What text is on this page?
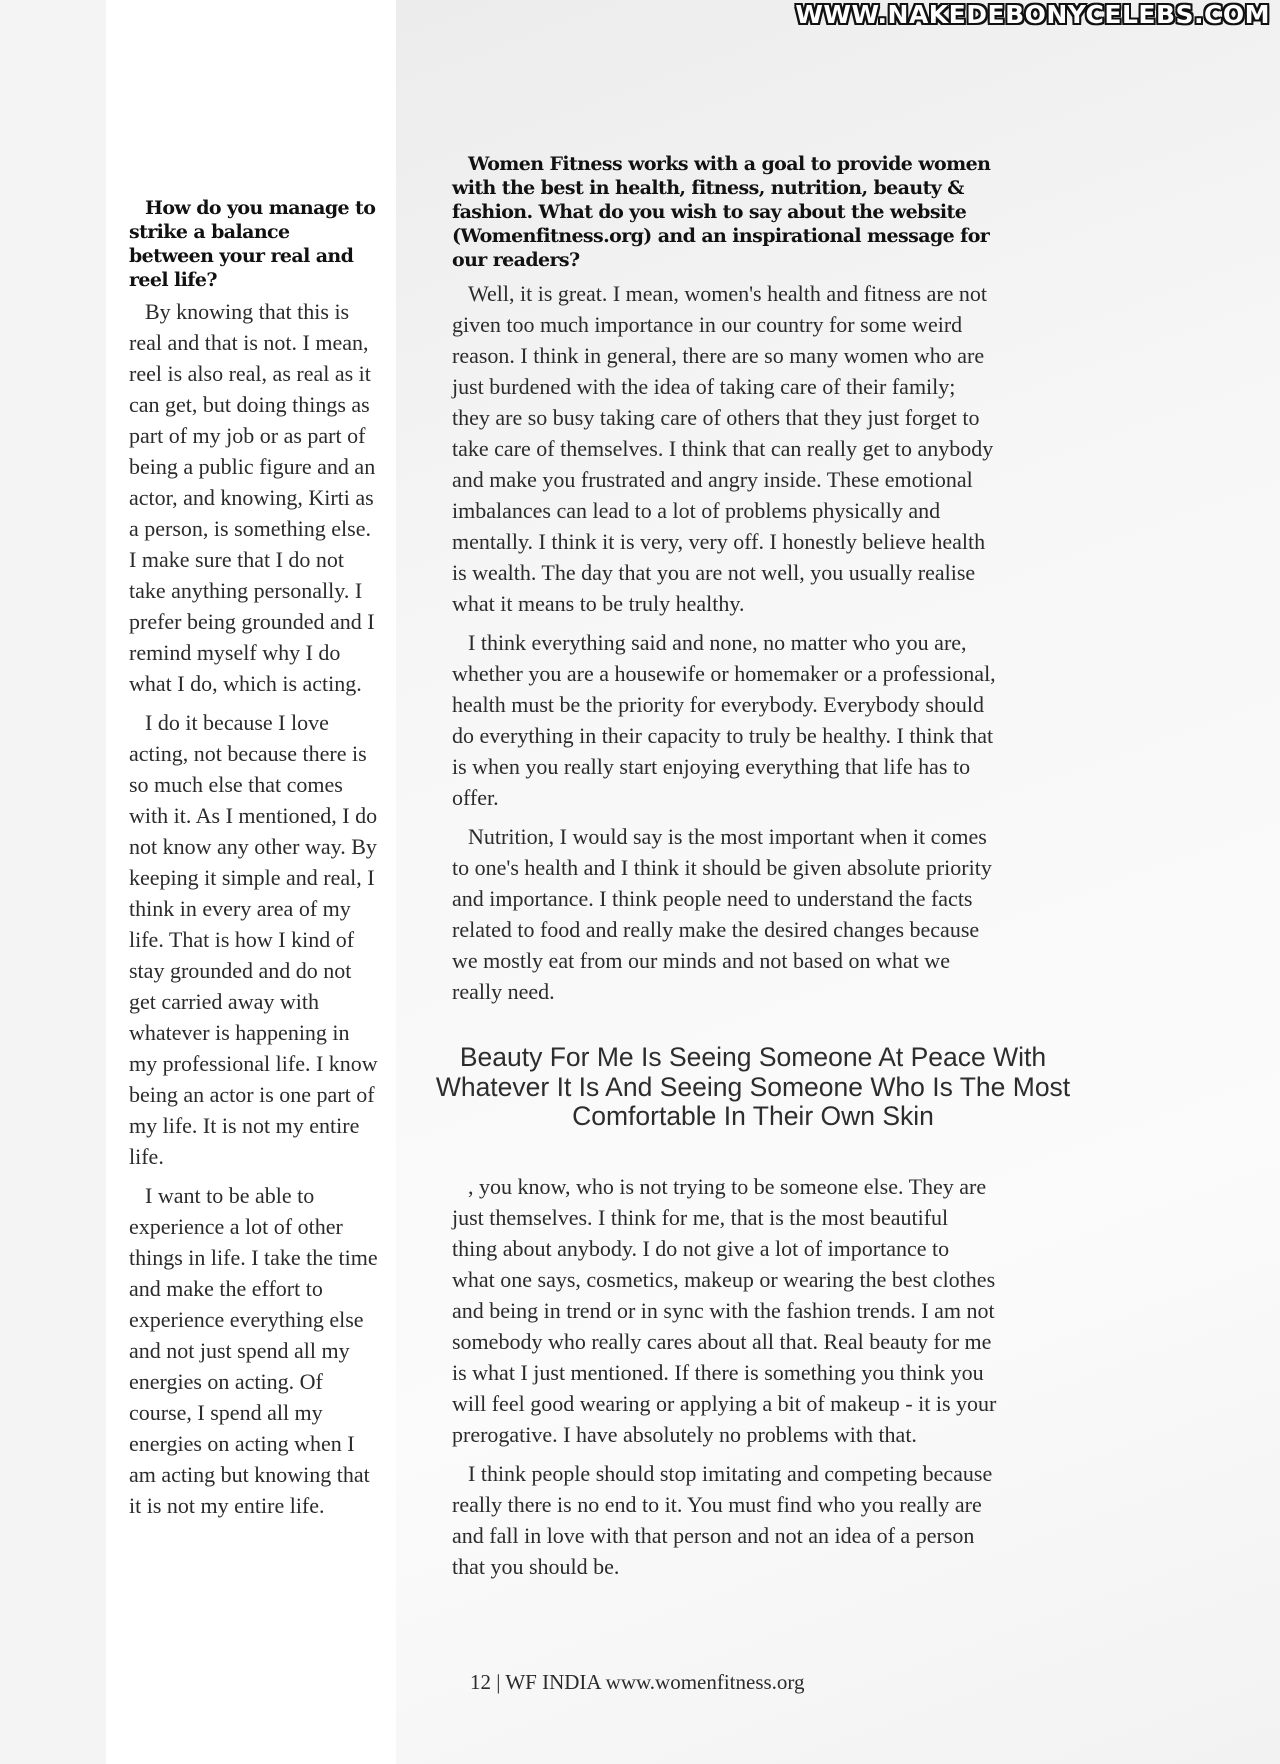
WWW.NAKEDEBONYCELEBS.COM
How do you manage to strike a balance between your real and reel life?

By knowing that this is real and that is not. I mean, reel is also real, as real as it can get, but doing things as part of my job or as part of being a public figure and an actor, and knowing, Kirti as a person, is something else. I make sure that I do not take anything personally. I prefer being grounded and I remind myself why I do what I do, which is acting.

I do it because I love acting, not because there is so much else that comes with it. As I mentioned, I do not know any other way. By keeping it simple and real, I think in every area of my life. That is how I kind of stay grounded and do not get carried away with whatever is happening in my professional life. I know being an actor is one part of my life. It is not my entire life.

I want to be able to experience a lot of other things in life. I take the time and make the effort to experience everything else and not just spend all my energies on acting. Of course, I spend all my energies on acting when I am acting but knowing that it is not my entire life.

Women Fitness works with a goal to provide women with the best in health, fitness, nutrition, beauty & fashion. What do you wish to say about the website (Womenfitness.org) and an inspirational message for our readers?

Well, it is great. I mean, women's health and fitness are not given too much importance in our country for some weird reason. I think in general, there are so many women who are just burdened with the idea of taking care of their family; they are so busy taking care of others that they just forget to take care of themselves. I think that can really get to anybody and make you frustrated and angry inside. These emotional imbalances can lead to a lot of problems physically and mentally. I think it is very, very off. I honestly believe health is wealth. The day that you are not well, you usually realise what it means to be truly healthy.

I think everything said and none, no matter who you are, whether you are a housewife or homemaker or a professional, health must be the priority for everybody. Everybody should do everything in their capacity to truly be healthy. I think that is when you really start enjoying everything that life has to offer.

Nutrition, I would say is the most important when it comes to one's health and I think it should be given absolute priority and importance. I think people need to understand the facts related to food and really make the desired changes because we mostly eat from our minds and not based on what we really need.

Beauty For Me Is Seeing Someone At Peace With Whatever It Is And Seeing Someone Who Is The Most Comfortable In Their Own Skin

, you know, who is not trying to be someone else. They are just themselves. I think for me, that is the most beautiful thing about anybody. I do not give a lot of importance to what one says, cosmetics, makeup or wearing the best clothes and being in trend or in sync with the fashion trends. I am not somebody who really cares about all that. Real beauty for me is what I just mentioned. If there is something you think you will feel good wearing or applying a bit of makeup - it is your prerogative. I have absolutely no problems with that.

I think people should stop imitating and competing because really there is no end to it. You must find who you really are and fall in love with that person and not an idea of a person that you should be.

12 | WF INDIA www.womenfitness.org
